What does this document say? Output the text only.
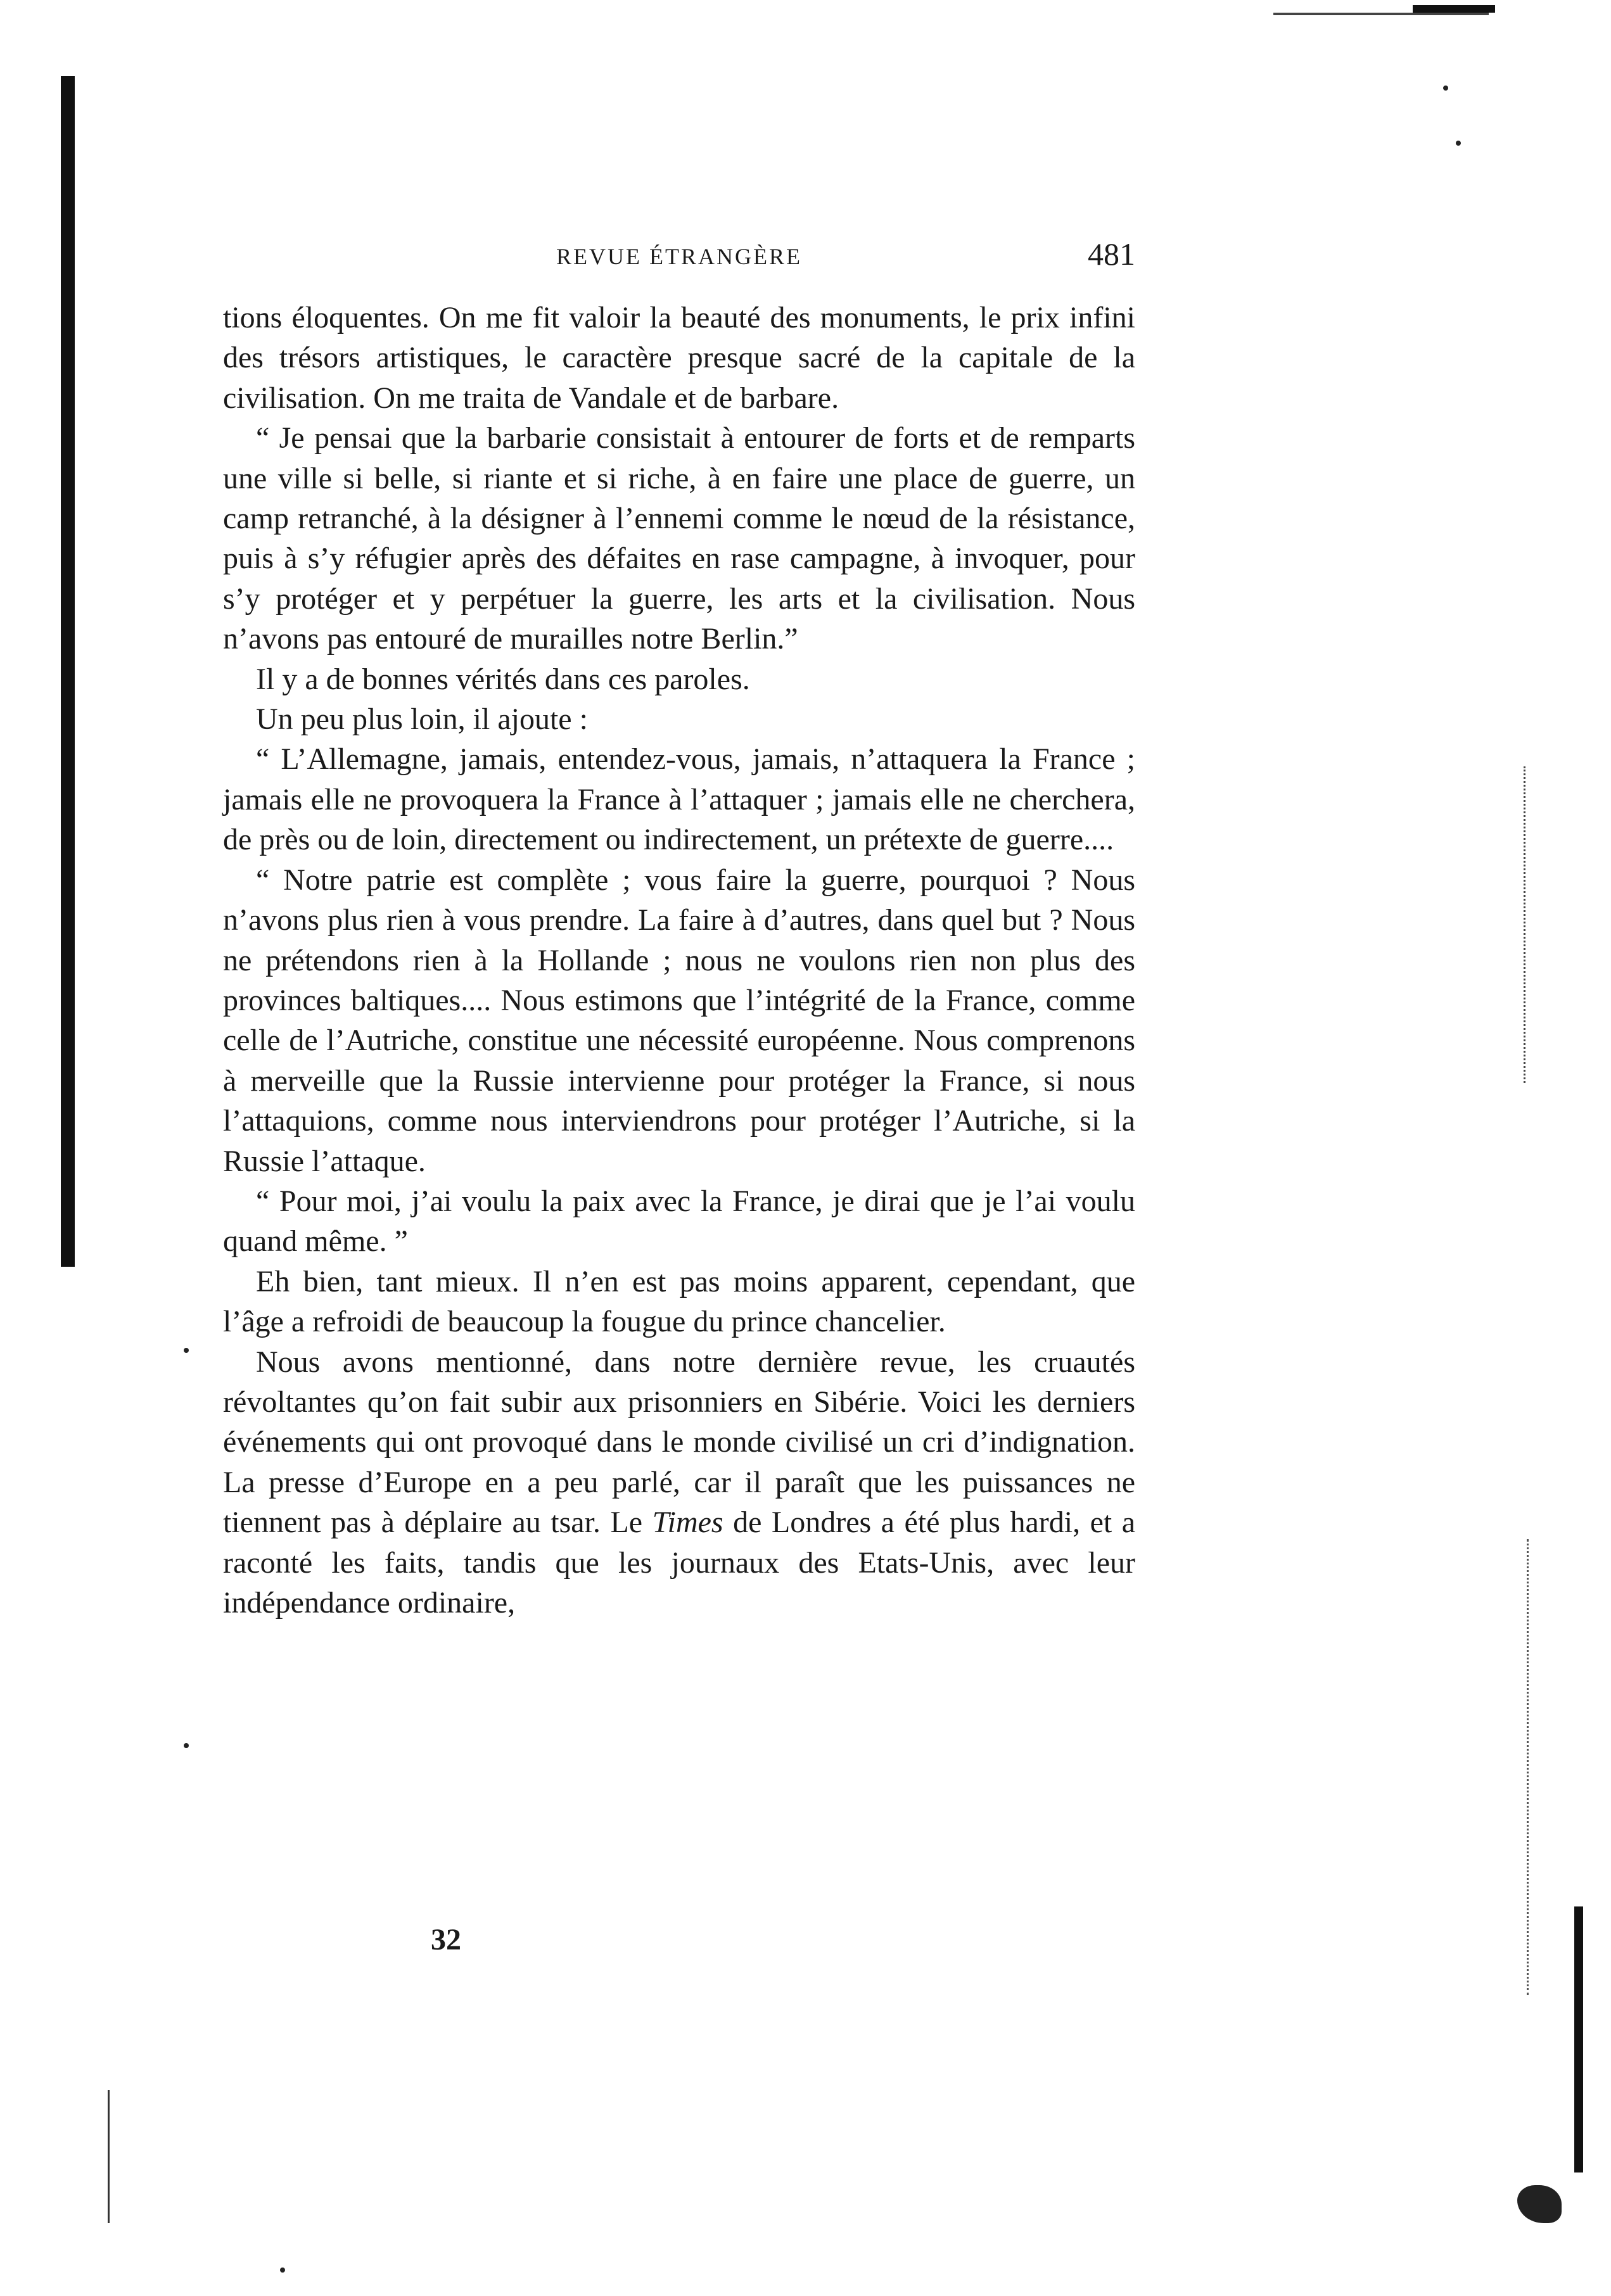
REVUE ÉTRANGÈRE	481

tions éloquentes. On me fit valoir la beauté des monuments, le prix infini des trésors artistiques, le caractère presque sacré de la capitale de la civilisation. On me traita de Vandale et de barbare.

“ Je pensai que la barbarie consistait à entourer de forts et de remparts une ville si belle, si riante et si riche, à en faire une place de guerre, un camp retranché, à la désigner à l’ennemi comme le nœud de la résistance, puis à s’y réfugier après des défaites en rase campagne, à invoquer, pour s’y protéger et y perpétuer la guerre, les arts et la civilisation. Nous n’avons pas entouré de murailles notre Berlin.”

Il y a de bonnes vérités dans ces paroles.

Un peu plus loin, il ajoute :

“ L’Allemagne, jamais, entendez-vous, jamais, n’attaquera la France ; jamais elle ne provoquera la France à l’attaquer ; jamais elle ne cherchera, de près ou de loin, directement ou indirectement, un prétexte de guerre....

“ Notre patrie est complète ; vous faire la guerre, pourquoi ? Nous n’avons plus rien à vous prendre. La faire à d’autres, dans quel but ? Nous ne prétendons rien à la Hollande ; nous ne voulons rien non plus des provinces baltiques.... Nous estimons que l’intégrité de la France, comme celle de l’Autriche, constitue une nécessité européenne. Nous comprenons à merveille que la Russie intervienne pour protéger la France, si nous l’attaquions, comme nous interviendrons pour protéger l’Autriche, si la Russie l’attaque.

“ Pour moi, j’ai voulu la paix avec la France, je dirai que je l’ai voulu quand même. ”

Eh bien, tant mieux. Il n’en est pas moins apparent, cependant, que l’âge a refroidi de beaucoup la fougue du prince chancelier.

Nous avons mentionné, dans notre dernière revue, les cruautés révoltantes qu’on fait subir aux prisonniers en Sibérie. Voici les derniers événements qui ont provoqué dans le monde civilisé un cri d’indignation. La presse d’Europe en a peu parlé, car il paraît que les puissances ne tiennent pas à déplaire au tsar. Le Times de Londres a été plus hardi, et a raconté les faits, tandis que les journaux des Etats-Unis, avec leur indépendance ordinaire,

32
